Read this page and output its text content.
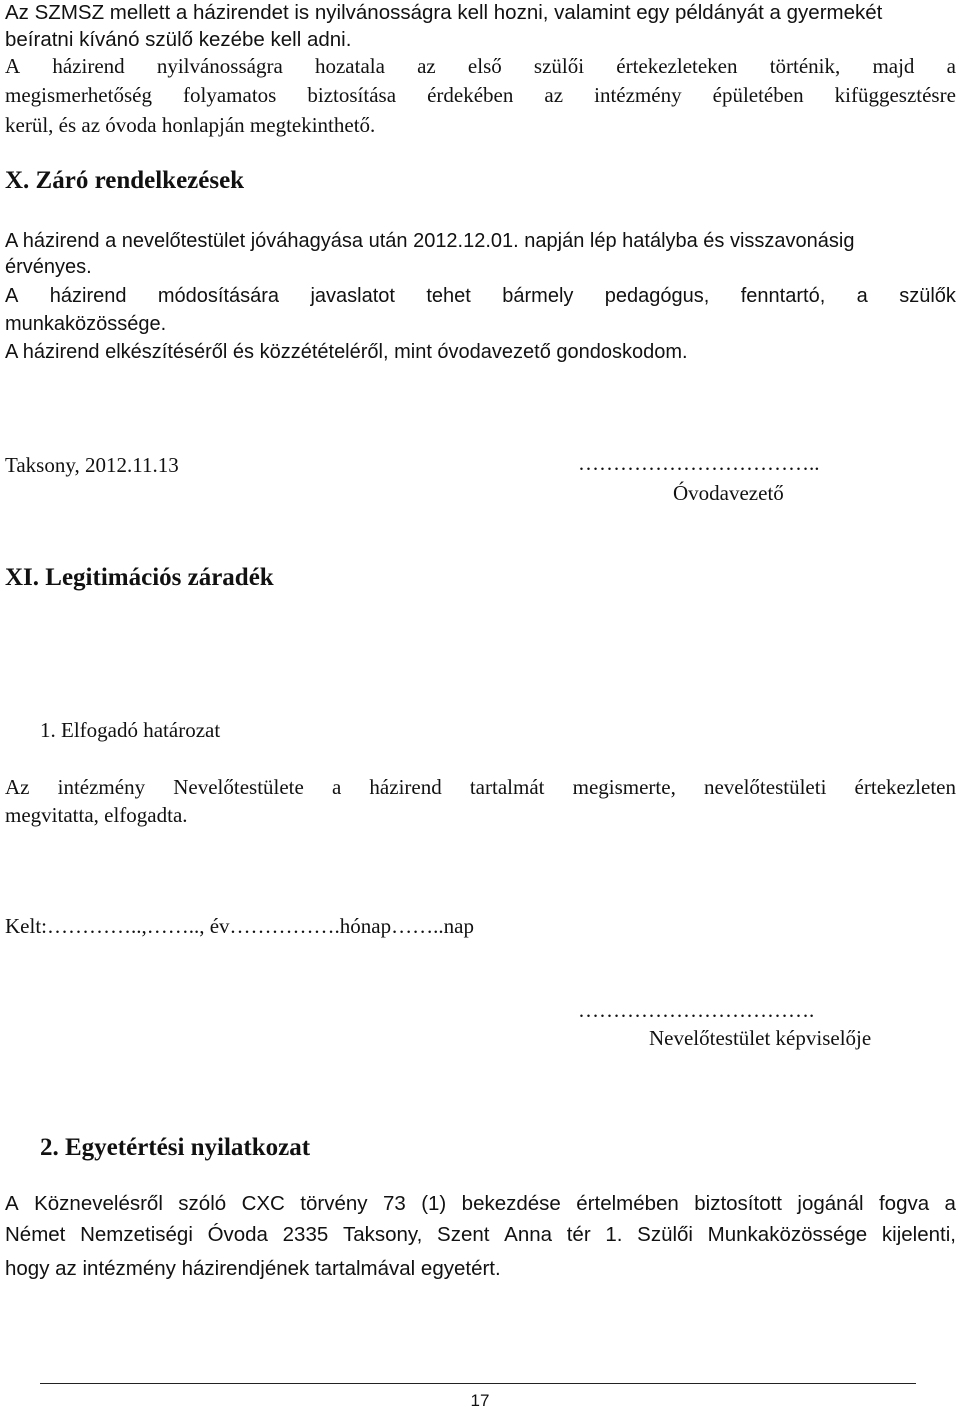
Az SZMSZ mellett a házirendet is nyilvánosságra kell hozni, valamint egy példányát a gyermekét
beíratni kívánó szülő kezébe kell adni.
A házirend nyilvánosságra hozatala az első szülői értekezleteken történik, majd a
megismerhetőség folyamatos biztosítása érdekében az intézmény épületében kifüggesztésre
kerül, és az óvoda honlapján megtekinthető.
X. Záró rendelkezések
A házirend a nevelőtestület jóváhagyása után 2012.12.01. napján lép hatályba és visszavonásig
érvényes.
A házirend módosítására javaslatot tehet bármely pedagógus, fenntartó, a szülők
munkaközössége.
A házirend elkészítéséről és közzétételéről, mint óvodavezető gondoskodom.
Taksony, 2012.11.13	……………………………..
Óvodavezető
XI. Legitimációs záradék
1. Elfogadó határozat
Az intézmény Nevelőtestülete a házirend tartalmát megismerte, nevelőtestületi értekezleten
megvitatta, elfogadta.
Kelt:…………..,…….., év…………….hónap……..nap
…………………………….
Nevelőtestület képviselője
2. Egyetértési nyilatkozat
A Köznevelésről szóló CXC törvény 73 (1) bekezdése értelmében biztosított jogánál fogva a
Német Nemzetiségi Óvoda 2335 Taksony, Szent Anna tér 1. Szülői Munkaközössége kijelenti,
hogy az intézmény házirendjének tartalmával egyetért.
17
